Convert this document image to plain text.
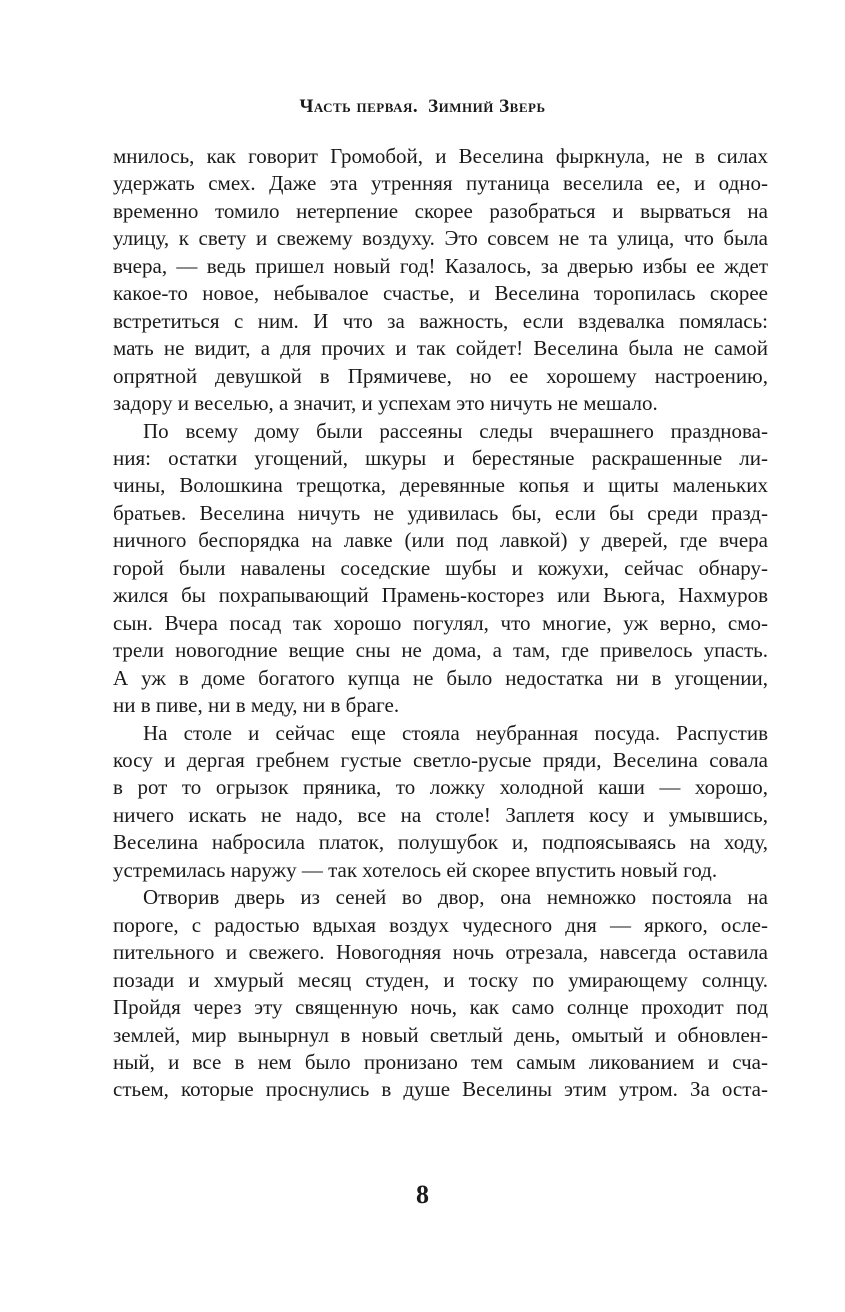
Часть первая. Зимний Зверь
мнилось, как говорит Громобой, и Веселина фыркнула, не в силах
удержать смех. Даже эта утренняя путаница веселила ее, и одно-
временно томило нетерпение скорее разобраться и вырваться на
улицу, к свету и свежему воздуху. Это совсем не та улица, что была
вчера, — ведь пришел новый год! Казалось, за дверью избы ее ждет
какое-то новое, небывалое счастье, и Веселина торопилась скорее
встретиться с ним. И что за важность, если вздевалка помялась:
мать не видит, а для прочих и так сойдет! Веселина была не самой
опрятной девушкой в Прямичеве, но ее хорошему настроению,
задору и веселью, а значит, и успехам это ничуть не мешало.
По всему дому были рассеяны следы вчерашнего празднова-
ния: остатки угощений, шкуры и берестяные раскрашенные ли-
чины, Волошкина трещотка, деревянные копья и щиты маленьких
братьев. Веселина ничуть не удивилась бы, если бы среди празд-
ничного беспорядка на лавке (или под лавкой) у дверей, где вчера
горой были навалены соседские шубы и кожухи, сейчас обнару-
жился бы похрапывающий Прамень-косторез или Вьюга, Нахмуров
сын. Вчера посад так хорошо погулял, что многие, уж верно, смо-
трели новогодние вещие сны не дома, а там, где привелось упасть.
А уж в доме богатого купца не было недостатка ни в угощении,
ни в пиве, ни в меду, ни в браге.
На столе и сейчас еще стояла неубранная посуда. Распустив
косу и дергая гребнем густые светло-русые пряди, Веселина совала
в рот то огрызок пряника, то ложку холодной каши — хорошо,
ничего искать не надо, все на столе! Заплетя косу и умывшись,
Веселина набросила платок, полушубок и, подпоясываясь на ходу,
устремилась наружу — так хотелось ей скорее впустить новый год.
Отворив дверь из сеней во двор, она немножко постояла на
пороге, с радостью вдыхая воздух чудесного дня — яркого, осле-
пительного и свежего. Новогодняя ночь отрезала, навсегда оставила
позади и хмурый месяц студен, и тоску по умирающему солнцу.
Пройдя через эту священную ночь, как само солнце проходит под
землей, мир вынырнул в новый светлый день, омытый и обновлен-
ный, и все в нем было пронизано тем самым ликованием и сча-
стьем, которые проснулись в душе Веселины этим утром. За оста-
8
